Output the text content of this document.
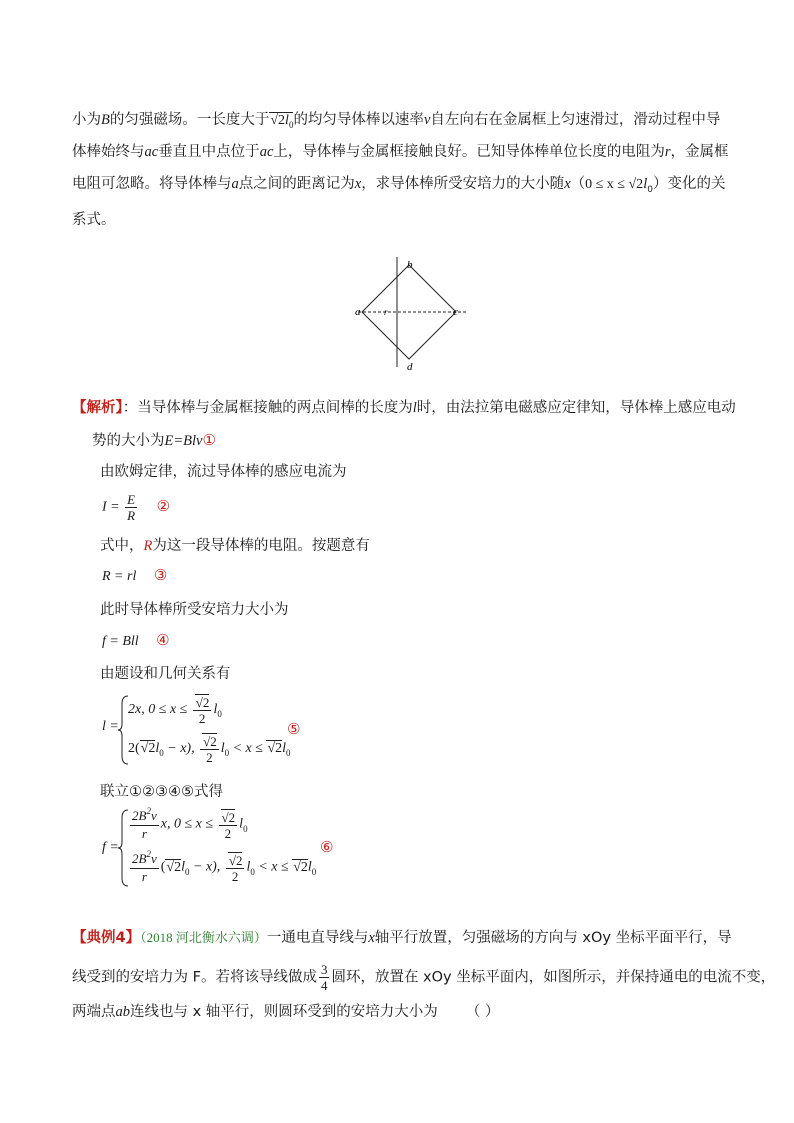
小为B的匀强磁场。一长度大于$√2l_0$的均匀导体棒以速率v自左向右在金属框上匀速滑过，滑动过程中导
体棒始终与ac垂直且中点位于ac上，导体棒与金属框接触良好。已知导体棒单位长度的电阻为r，金属框
电阻可忽略。将导体棒与a点之间的距离记为x，求导体棒所受安培力的大小随$x(0 \le x \le √2l_0)$变化的关
系式。
a
b
c
d
r
【解析】：当导体棒与金属框接触的两点间棒的长度为l时，由法拉第电磁感应定律知，导体棒上感应电动
势的大小为E=Blv①
由欧姆定律，流过导体棒的感应电流为
$I = \frac{E}{R}$ ②
式中，R为这一段导体棒的电阻。按题意有
R = rl ③
此时导体棒所受安培力大小为
f = Bll ④
由题设和几何关系有
l =
2x, $0 \le x \le \frac{√2}{2} l_0$
$2(√2l_0 - x)$, $\frac{√2}{2} l_0 < x \le √2l_0$
⑤
联立①②③④⑤式得
f =
$\frac{2B^2v}{r} x$, $0 \le x \le \frac{√2}{2} l_0$
$\frac{2B^2v}{r} (√2l_0 - x)$, $\frac{√2}{2} l_0 < x \le √2l_0$
⑥
【典例4】（2018 河北衡水六调）一通电直导线与x轴平行放置，匀强磁场的方向与 xOy 坐标平面平行，导
线受到的安培力为 F。若将该导线做成 $\frac{3}{4}$ 圆环，放置在 xOy 坐标平面内，如图所示，并保持通电的电流不变，
两端点ab连线也与 x 轴平行，则圆环受到的安培力大小为 （ ）
